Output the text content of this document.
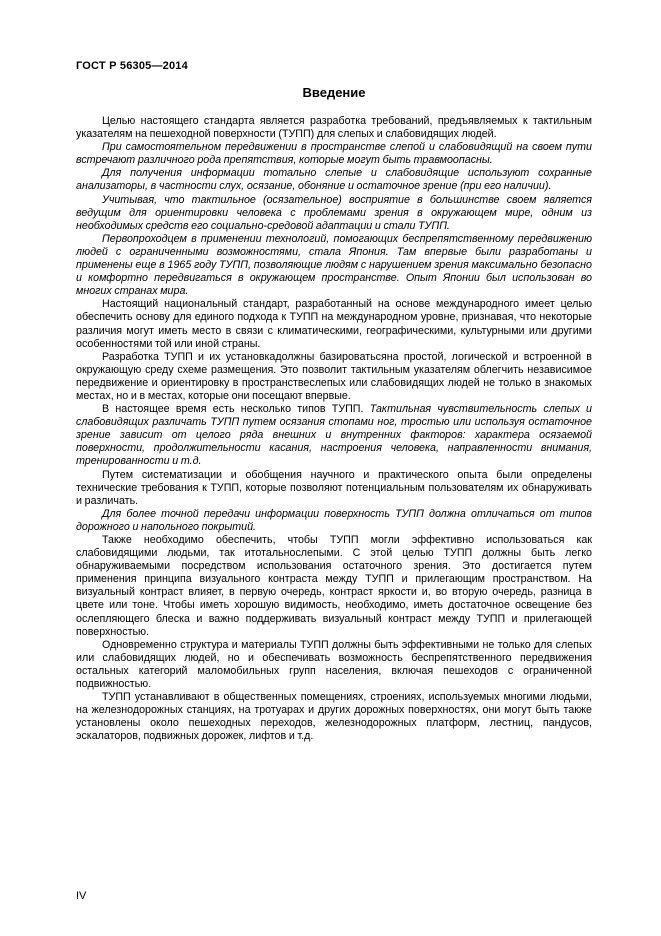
ГОСТ Р 56305—2014
Введение

Целью настоящего стандарта является разработка требований, предъявляемых к тактильным указателям на пешеходной поверхности (ТУПП) для слепых и слабовидящих людей.

При самостоятельном передвижении в пространстве слепой и слабовидящий на своем пути встречают различного рода препятствия, которые могут быть травмоопасны.

Для получения информации тотально слепые и слабовидящие используют сохранные анализаторы, в частности слух, осязание, обоняние и остаточное зрение (при его наличии).

Учитывая, что тактильное (осязательное) восприятие в большинстве своем является ведущим для ориентировки человека с проблемами зрения в окружающем мире, одним из необходимых средств его социально-средовой адаптации и стали ТУПП.

Первопроходцем в применении технологий, помогающих беспрепятственному передвижению людей с ограниченными возможностями, стала Япония. Там впервые были разработаны и применены еще в 1965 году ТУПП, позволяющие людям с нарушением зрения максимально безопасно и комфортно передвигаться в окружающем пространстве. Опыт Японии был использован во многих странах мира.

Настоящий национальный стандарт, разработанный на основе международного имеет целью обеспечить основу для единого подхода к ТУПП на международном уровне, признавая, что некоторые различия могут иметь место в связи с климатическими, географическими, культурными или другими особенностями той или иной страны.

Разработка ТУПП и их установкадолжны базироватьсяна простой, логической и встроенной в окружающую среду схеме размещения. Это позволит тактильным указателям облегчить независимое передвижение и ориентировку в пространствеслепых или слабовидящих людей не только в знакомых местах, но и в местах, которые они посещают впервые.

В настоящее время есть несколько типов ТУПП. Тактильная чувствительность слепых и слабовидящих различать ТУПП путем осязания стопами ног, тростью или используя остаточное зрение зависит от целого ряда внешних и внутренних факторов: характера осязаемой поверхности, продолжительности касания, настроения человека, направленности внимания, тренированности и т.д.

Путем систематизации и обобщения научного и практического опыта были определены технические требования к ТУПП, которые позволяют потенциальным пользователям их обнаруживать и различать.

Для более точной передачи информации поверхность ТУПП должна отличаться от типов дорожного и напольного покрытий.

Также необходимо обеспечить, чтобы ТУПП могли эффективно использоваться как слабовидящими людьми, так итотальнослепыми. С этой целью ТУПП должны быть легко обнаруживаемыми посредством использования остаточного зрения. Это достигается путем применения принципа визуального контраста между ТУПП и прилегающим пространством. На визуальный контраст влияет, в первую очередь, контраст яркости и, во вторую очередь, разница в цвете или тоне. Чтобы иметь хорошую видимость, необходимо, иметь достаточное освещение без ослепляющего блеска и важно поддерживать визуальный контраст между ТУПП и прилегающей поверхностью.

Одновременно структура и материалы ТУПП должны быть эффективными не только для слепых или слабовидящих людей, но и обеспечивать возможность беспрепятственного передвижения остальных категорий маломобильных групп населения, включая пешеходов с ограниченной подвижностью.

ТУПП устанавливают в общественных помещениях, строениях, используемых многими людьми, на железнодорожных станциях, на тротуарах и других дорожных поверхностях, они могут быть также установлены около пешеходных переходов, железнодорожных платформ, лестниц, пандусов, эскалаторов, подвижных дорожек, лифтов и т.д.

IV
